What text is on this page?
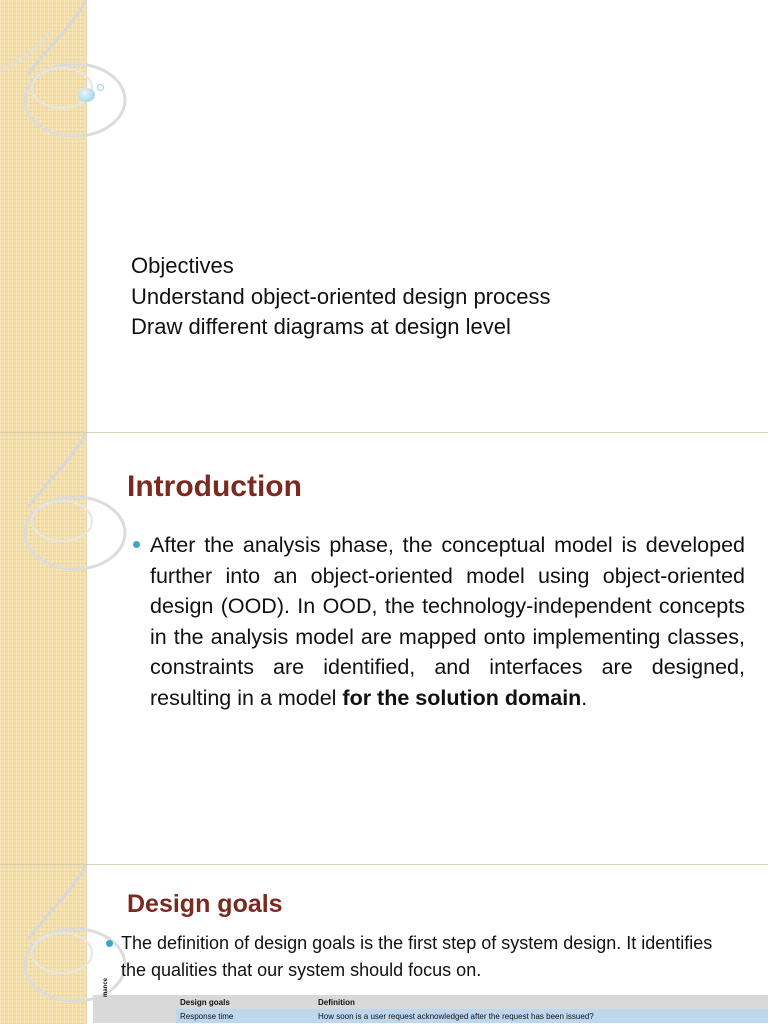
Objectives
Understand object-oriented design process
Draw different diagrams at design level
Introduction
After the analysis phase, the conceptual model is developed further into an object-oriented model using object-oriented design (OOD). In OOD, the technology-independent concepts in the analysis model are mapped onto implementing classes, constraints are identified, and interfaces are designed, resulting in a model for the solution domain.
Design goals
The definition of design goals is the first step of system design. It identifies the qualities that our system should focus on.
mance	Design goals	Definition
	Response time	How soon is a user request acknowledged after the request has been issued?
